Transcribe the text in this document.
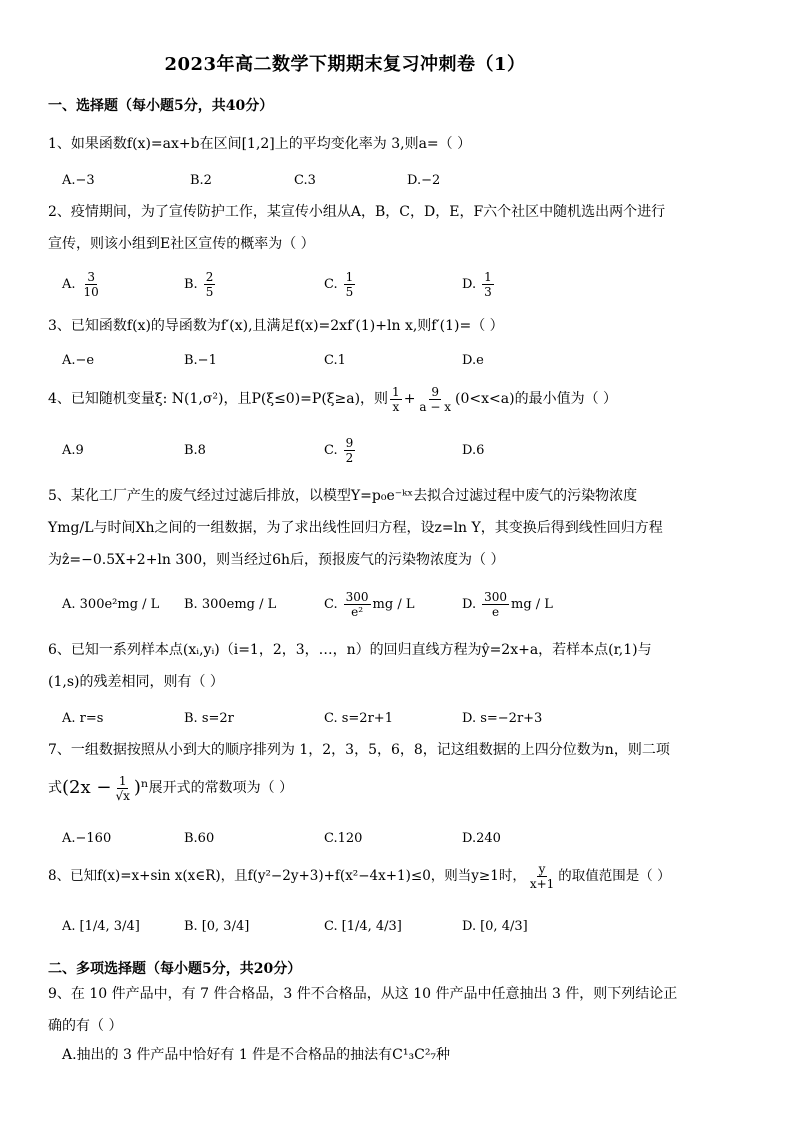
2023年高二数学下期期末复习冲刺卷（1）
一、选择题（每小题5分，共40分）
1、如果函数f(x)=ax+b在区间[1,2]上的平均变化率为 3,则a=（ ）
A.−3	B.2	C.3	D.−2
2、疫情期间，为了宣传防护工作，某宣传小组从A，B，C，D，E，F六个社区中随机选出两个进行
宣传，则该小组到E社区宣传的概率为（ ）
A. $\frac{3}{10}$	B. $\frac{2}{5}$	C. $\frac{1}{5}$	D. $\frac{1}{3}$
3、已知函数f(x)的导函数为f′(x),且满足f(x)=2xf′(1)+ln x,则f′(1)=（ ）
A.−e	B.−1	C.1	D.e
4、已知随机变量ξ: N(1,σ²)，且P(ξ≤0)=P(ξ≥a)，则 $\frac{1}{x} + \frac{9}{a - x} (0<x<a)$的最小值为（ ）
A.9	B.8	C. $\frac{9}{2}$	D.6
5、某化工厂产生的废气经过过滤后排放，以模型Y=p₀e⁻ᵏˣ去拟合过滤过程中废气的污染物浓度
Ymg/L与时间Xh之间的一组数据，为了求出线性回归方程，设z=ln Y，其变换后得到线性回归方程
为ẑ=−0.5X+2+ln 300，则当经过6h后，预报废气的污染物浓度为（ ）
A. 300e²mg / L B. 300emg / L	C. $\frac{300}{\text{e²}}$ mg / L	D. $\frac{300}{e}$ mg / L
6、已知一系列样本点(xᵢ,yᵢ)（i=1，2，3，…，n）的回归直线方程为ŷ=2x+a，若样本点(r,1)与
(1,s)的残差相同，则有（ ）
A. r=s	B. s=2r	C. s=2r+1	D. s=−2r+3
7、一组数据按照从小到大的顺序排列为 1，2，3，5，6，8，记这组数据的上四分位数为n，则二项
式 $(2x - \frac{1}{√x} )^n$ 展开式的常数项为（ ）
A.−160	B.60	C.120	D.240
8、已知f(x)=x+sin x(x∈R)，且f(y²−2y+3)+f(x²−4x+1)≤0，则当y≥1时， $\frac{y}{x+1}$ 的取值范围是（ ）
A. [1/4, 3/4]	B. [0, 3/4]	C. [1/4, 4/3]	D. [0, 4/3]
二、多项选择题（每小题5分，共20分）
9、在 10 件产品中，有 7 件合格品，3 件不合格品，从这 10 件产品中任意抽出 3 件，则下列结论正
确的有（ ）
A.抽出的 3 件产品中恰好有 1 件是不合格品的抽法有C¹₃C²₇种
